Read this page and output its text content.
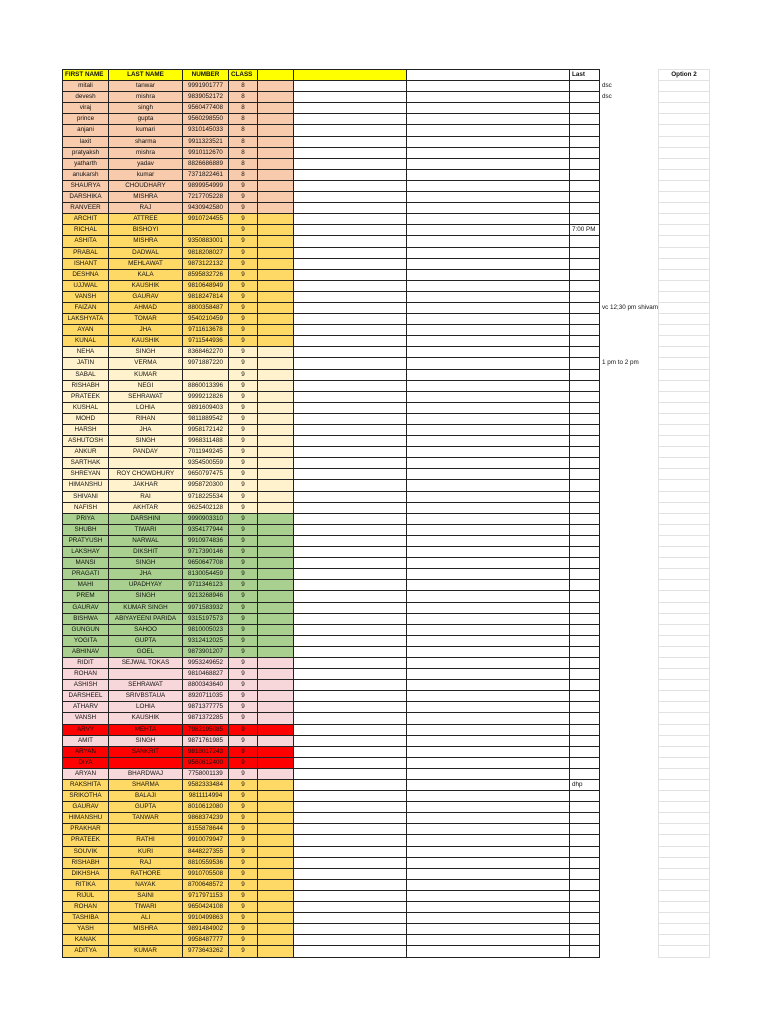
FIRST NAME	LAST NAME	NUMBER	CLASS				Last		Option 2
mitali	tanwar	9991901777	8					dsc	
devesh	mishra	9839052172	8					dsc	
viraj	singh	9560477408	8						
prince	gupta	9560298550	8						
anjani	kumari	9310145033	8						
laxit	sharma	9911323521	8						
pratyaksh	mishra	9910112670	8						
yatharth	yadav	8826686889	8						
anukarsh	kumar	7371822461	8						
SHAURYA	CHOUDHARY	9899954999	9						
DARSHIKA	MISHRA	7217705228	9						
RANVEER	RAJ	9430942580	9						
ARCHIT	ATTREE	9910724455	9						
RICHAL	BISHOYI		9				7:00 PM		
ASHITA	MISHRA	9350883001	9						
PRABAL	DADWAL	9818208027	9						
ISHANT	MEHLAWAT	9873122132	9						
DESHNA	KALA	8595832726	9						
UJJWAL	KAUSHIK	9810648949	9						
VANSH	GAURAV	9818247814	9						
FAIZAN	AHMAD	8800358487	9					vc 12;30 pm shivam	
LAKSHYATA	TOMAR	9540210459	9						
AYAN	JHA	9711613678	9						
KUNAL	KAUSHIK	9711544936	9						
NEHA	SINGH	8368462270	9						
JATIN	VERMA	9971887220	9					1 pm to 2 pm	
SABAL	KUMAR		9						
RISHABH	NEGI	8860013396	9						
PRATEEK	SEHRAWAT	9999212826	9						
KUSHAL	LOHIA	9891609403	9						
MOHD	RIHAN	9811889542	9						
HARSH	JHA	9958172142	9						
ASHUTOSH	SINGH	9968311488	9						
ANKUR	PANDAY	7011949245	9						
SARTHAK		9354500559	9						
SHREYAN	ROY CHOWDHURY	9650797475	9						
HIMANSHU	JAKHAR	9958720300	9						
SHIVANI	RAI	9718225534	9						
NAFISH	AKHTAR	9625402128	9						
PRIYA	DARSHINI	9990903310	9						
SHUBH	TIWARI	9354177944	9						
PRATYUSH	NARWAL	9910974836	9						
LAKSHAY	DIKSHIT	9717390146	9						
MANSI	SINGH	9650647708	9						
PRAGATI	JHA	8130054459	9						
MAHI	UPADHYAY	9711346123	9						
PREM	SINGH	9213268946	9						
GAURAV	KUMAR SINGH	9971583932	9						
BISHWA	ABIYAYEENI PARIDA	9315197573	9						
GUNGUN	SAHOO	9810005023	9						
YOGITA	GUPTA	9312412025	9						
ABHINAV	GOEL	9873901207	9						
RIDIT	SEJWAL TOKAS	9953249652	9						
ROHAN		9810468827	9						
ASHISH	SEHRAWAT	8800343640	9						
DARSHEEL	SRIVBSTAUA	8920711035	9						
ATHARV	LOHIA	9871377775	9						
VANSH	KAUSHIK	9871372285	9						
ARVY	MEHTA	7982195085	9						
AMIT	SINGH	9871761985	9						
ARYAN	SANKRIT	9818017243	9						
DIYA		9560612400	9						
ARYAN	BHARDWAJ	7758001139	9						
RAKSHITA	SHARMA	9582333484	9				dhp		
SRIKOTHA	BALAJI	9811114994	9						
GAURAV	GUPTA	8010612080	9						
HIMANSHU	TANWAR	9868374239	9						
PRAKHAR		8155878644	9						
PRATEEK	RATHI	9910079947	9						
SOUVIK	KURI	8448227355	9						
RISHABH	RAJ	8810559536	9						
DIKHSHA	RATHORE	9910705508	9						
RITIKA	NAYAK	8700648572	9						
RIJUL	SAINI	9717971153	9						
ROHAN	TIWARI	9650424108	9						
TASHIBA	ALI	9910499863	9						
YASH	MISHRA	9891484902	9						
KANAK		9958487777	9						
ADITYA	KUMAR	9773643262	9						
